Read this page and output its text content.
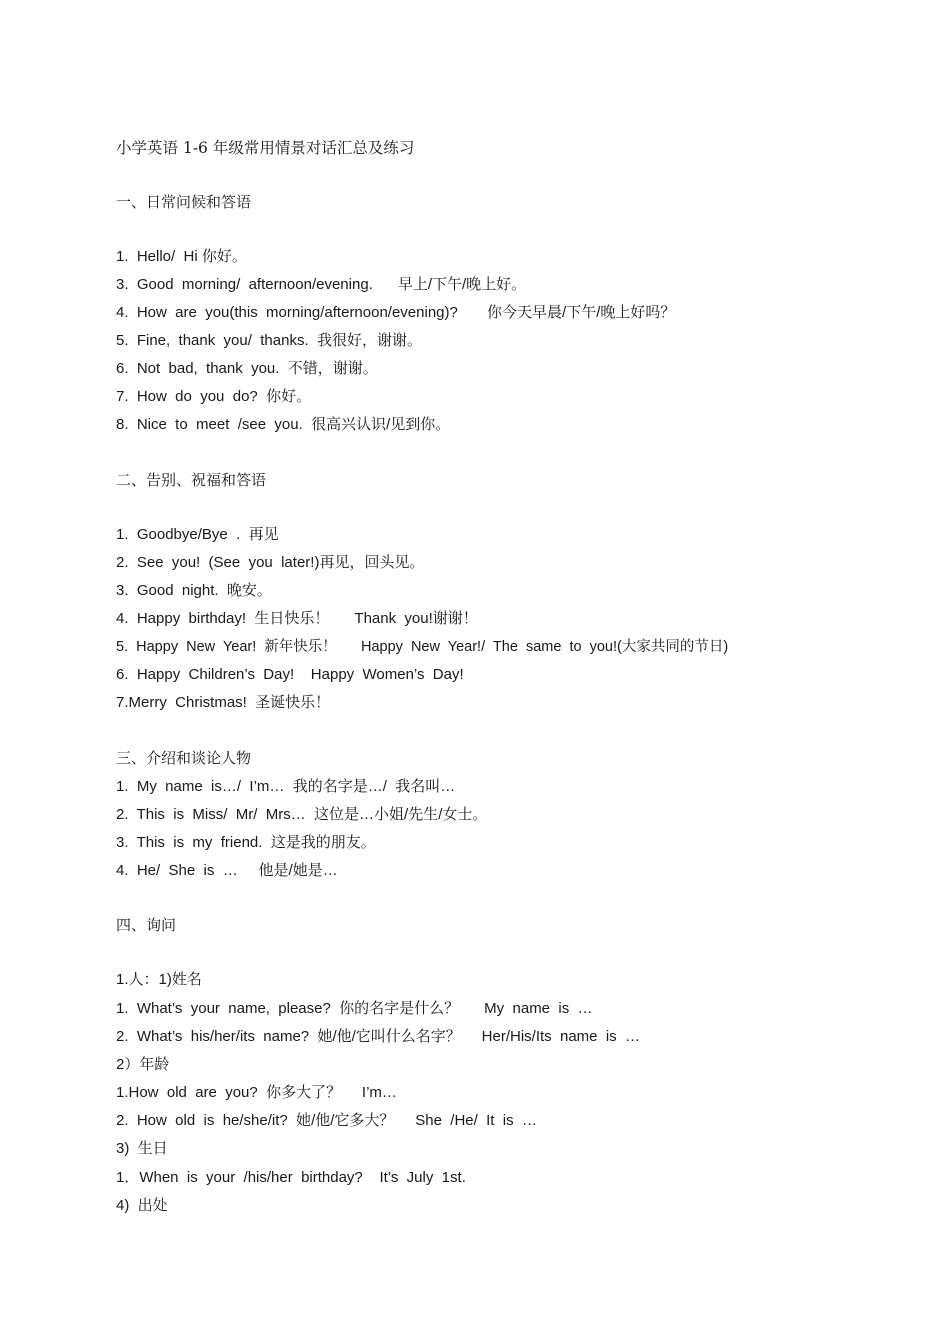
小学英语 1-6 年级常用情景对话汇总及练习
一、日常问候和答语
1.  Hello/  Hi 你好。
3.  Good  morning/  afternoon/evening.      早上/下午/晚上好。
4.  How  are  you(this  morning/afternoon/evening)?       你今天早晨/下午/晚上好吗？
5.  Fine,  thank  you/  thanks.  我很好，谢谢。
6.  Not  bad,  thank  you.  不错，谢谢。
7.  How  do  you  do?  你好。
8.  Nice  to  meet  /see  you.  很高兴认识/见到你。
二、告别、祝福和答语
1.  Goodbye/Bye  .  再见
2.  See  you!  (See  you  later!)再见，回头见。
3.  Good  night.  晚安。
4.  Happy  birthday!  生日快乐！      Thank  you!谢谢！
5.  Happy  New  Year!  新年快乐！      Happy  New  Year!/  The  same  to  you!(大家共同的节日)
6.  Happy  Children’s  Day!    Happy  Women’s  Day!
7.Merry  Christmas!  圣诞快乐！
三、介绍和谈论人物
1.  My  name  is…/  I’m…  我的名字是…/  我名叫…
2.  This  is  Miss/  Mr/  Mrs…  这位是…小姐/先生/女士。
3.  This  is  my  friend.  这是我的朋友。
4.  He/  She  is  …     他是/她是…
四、询问
1.人：1)姓名
1.  What’s  your  name,  please?  你的名字是什么？      My  name  is  …
2.  What’s  his/her/its  name?  她/他/它叫什么名字？     Her/His/Its  name  is  …
2）年龄
1.How  old  are  you?  你多大了？     I’m…
2.  How  old  is  he/she/it?  她/他/它多大？     She  /He/  It  is  …
3)  生日
1．When  is  your  /his/her  birthday?    It’s  July  1st.
4)  出处
